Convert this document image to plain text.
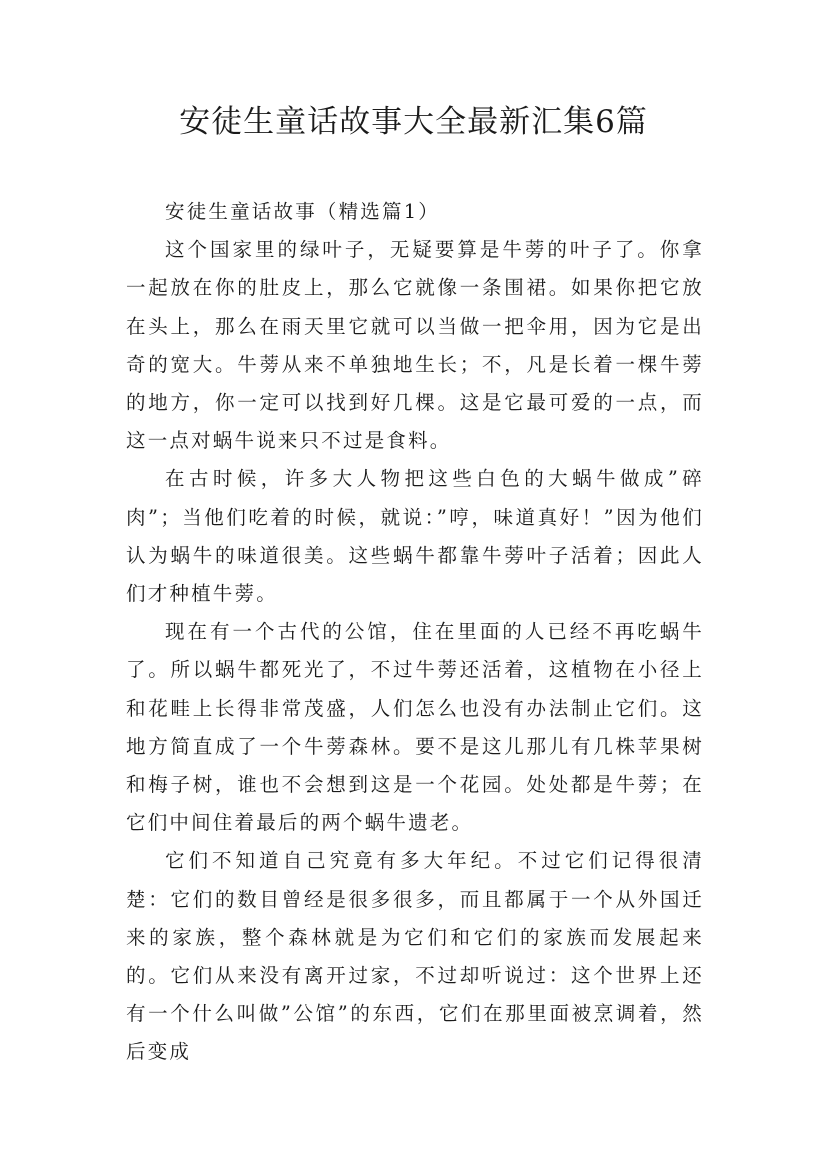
安徒生童话故事大全最新汇集6篇

安徒生童话故事（精选篇1）

这个国家里的绿叶子，无疑要算是牛蒡的叶子了。你拿一起放在你的肚皮上，那么它就像一条围裙。如果你把它放在头上，那么在雨天里它就可以当做一把伞用，因为它是出奇的宽大。牛蒡从来不单独地生长；不，凡是长着一棵牛蒡的地方，你一定可以找到好几棵。这是它最可爱的一点，而这一点对蜗牛说来只不过是食料。

在古时候，许多大人物把这些白色的大蜗牛做成”碎肉”；当他们吃着的时候，就说：”哼，味道真好！”因为他们认为蜗牛的味道很美。这些蜗牛都靠牛蒡叶子活着；因此人们才种植牛蒡。

现在有一个古代的公馆，住在里面的人已经不再吃蜗牛了。所以蜗牛都死光了，不过牛蒡还活着，这植物在小径上和花畦上长得非常茂盛，人们怎么也没有办法制止它们。这地方简直成了一个牛蒡森林。要不是这儿那儿有几株苹果树和梅子树，谁也不会想到这是一个花园。处处都是牛蒡；在它们中间住着最后的两个蜗牛遗老。

它们不知道自己究竟有多大年纪。不过它们记得很清楚：它们的数目曾经是很多很多，而且都属于一个从外国迁来的家族，整个森林就是为它们和它们的家族而发展起来的。它们从来没有离开过家，不过却听说过：这个世界上还有一个什么叫做”公馆”的东西，它们在那里面被烹调着，然后变成
